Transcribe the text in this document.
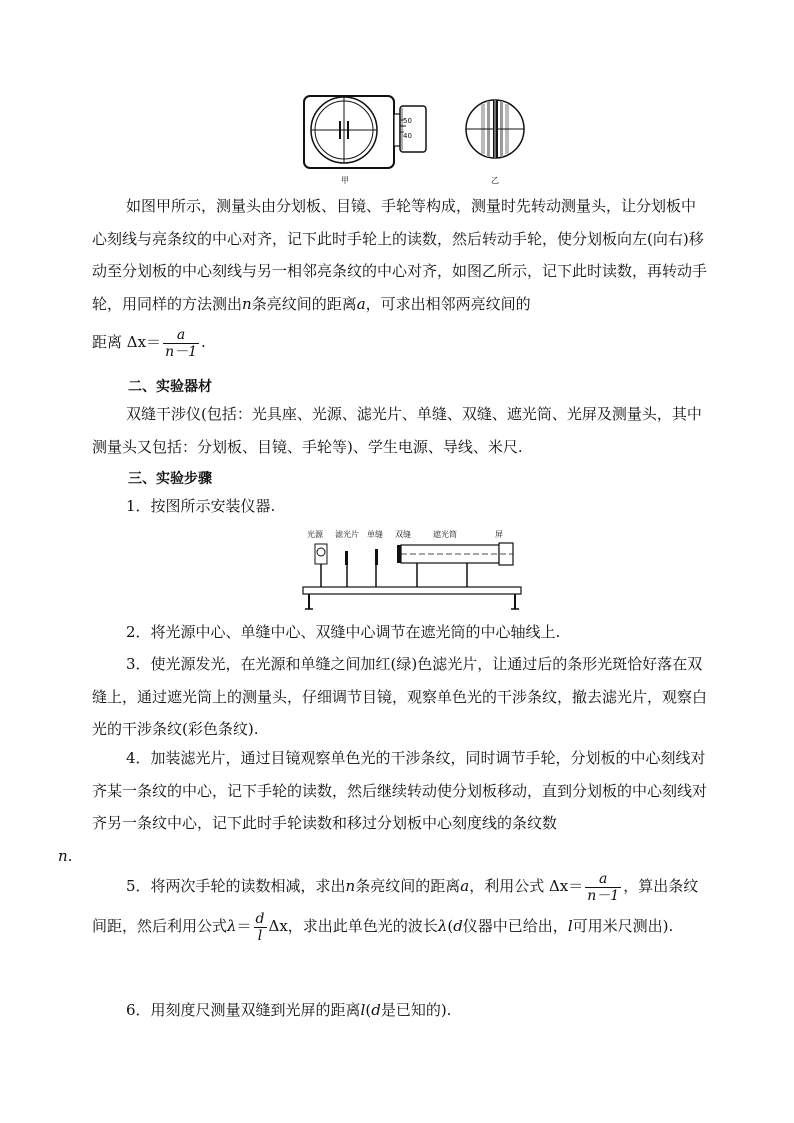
50
40
甲	乙

如图甲所示，测量头由分划板、目镜、手轮等构成，测量时先转动测量头，让分划板中心刻线与亮条纹的中心对齐，记下此时手轮上的读数，然后转动手轮，使分划板向左(向右)移动至分划板的中心刻线与另一相邻亮条纹的中心对齐，如图乙所示，记下此时读数，再转动手轮，用同样的方法测出n条亮纹间的距离a，可求出相邻两亮纹间的

距离 $\Delta x= \frac{a}{n-1}$ .

二、实验器材

双缝干涉仪(包括：光具座、光源、滤光片、单缝、双缝、遮光筒、光屏及测量头，其中测量头又包括：分划板、目镜、手轮等)、学生电源、导线、米尺.

三、实验步骤

1．按图所示安装仪器.

光源 滤光片 单缝 双缝	遮光筒	屏

2．将光源中心、单缝中心、双缝中心调节在遮光筒的中心轴线上.

3．使光源发光，在光源和单缝之间加红(绿)色滤光片，让通过后的条形光斑恰好落在双缝上，通过遮光筒上的测量头，仔细调节目镜，观察单色光的干涉条纹，撤去滤光片，观察白光的干涉条纹(彩色条纹).

4．加装滤光片，通过目镜观察单色光的干涉条纹，同时调节手轮，分划板的中心刻线对齐某一条纹的中心，记下手轮的读数，然后继续转动使分划板移动，直到分划板的中心刻线对齐另一条纹中心，记下此时手轮读数和移过分划板中心刻度线的条纹数
n.

5．将两次手轮的读数相减，求出n条亮纹间的距离a，利用公式 $\Delta x= \frac{a}{n-1}$ ，算出条纹间距，然后利用公式$\lambda= \frac{d}{l}$ Δx，求出此单色光的波长λ(d仪器中已给出，l可用米尺测出).

6．用刻度尺测量双缝到光屏的距离l(d是已知的).
